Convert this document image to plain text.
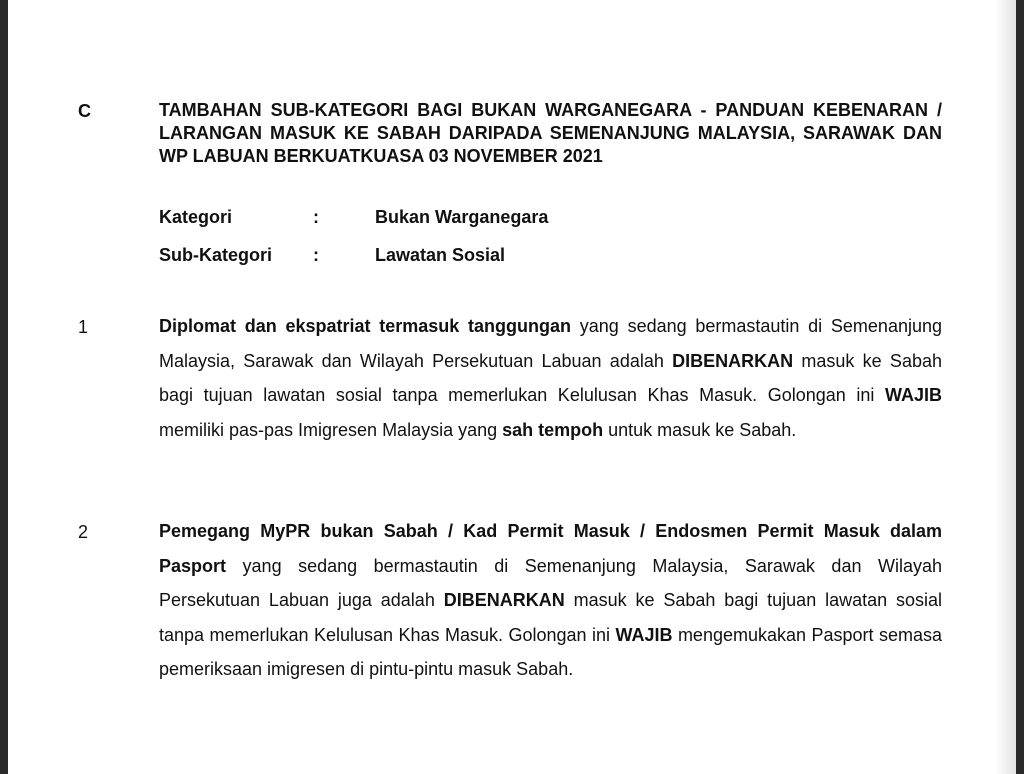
C	TAMBAHAN SUB-KATEGORI BAGI BUKAN WARGANEGARA - PANDUAN KEBENARAN / LARANGAN MASUK KE SABAH DARIPADA SEMENANJUNG MALAYSIA, SARAWAK DAN WP LABUAN BERKUATKUASA 03 NOVEMBER 2021
Kategori	:	Bukan Warganegara
Sub-Kategori :	Lawatan Sosial
1	Diplomat dan ekspatriat termasuk tanggungan yang sedang bermastautin di Semenanjung Malaysia, Sarawak dan Wilayah Persekutuan Labuan adalah DIBENARKAN masuk ke Sabah bagi tujuan lawatan sosial tanpa memerlukan Kelulusan Khas Masuk. Golongan ini WAJIB memiliki pas-pas Imigresen Malaysia yang sah tempoh untuk masuk ke Sabah.
2	Pemegang MyPR bukan Sabah / Kad Permit Masuk / Endosmen Permit Masuk dalam Pasport yang sedang bermastautin di Semenanjung Malaysia, Sarawak dan Wilayah Persekutuan Labuan juga adalah DIBENARKAN masuk ke Sabah bagi tujuan lawatan sosial tanpa memerlukan Kelulusan Khas Masuk. Golongan ini WAJIB mengemukakan Pasport semasa pemeriksaan imigresen di pintu-pintu masuk Sabah.
